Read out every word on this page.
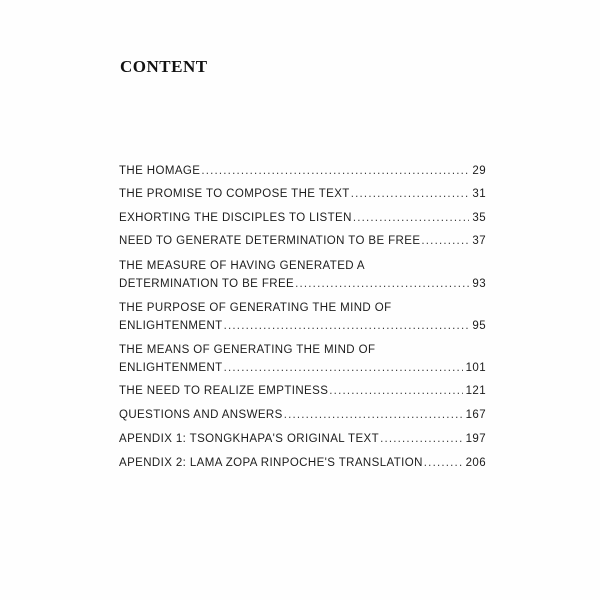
CONTENT
THE HOMAGE .....	29
THE PROMISE TO COMPOSE THE TEXT .....	31
EXHORTING THE DISCIPLES TO LISTEN .....	35
NEED TO GENERATE DETERMINATION TO BE FREE .....	37
THE MEASURE OF HAVING GENERATED A
DETERMINATION TO BE FREE .....	93
THE PURPOSE OF GENERATING THE MIND OF
ENLIGHTENMENT .....	95
THE MEANS OF GENERATING THE MIND OF
ENLIGHTENMENT .....	101
THE NEED TO REALIZE EMPTINESS .....	121
QUESTIONS AND ANSWERS .....	167
APENDIX 1: TSONGKHAPA'S ORIGINAL TEXT .....	197
APENDIX 2: LAMA ZOPA RINPOCHE'S TRANSLATION .....	206
